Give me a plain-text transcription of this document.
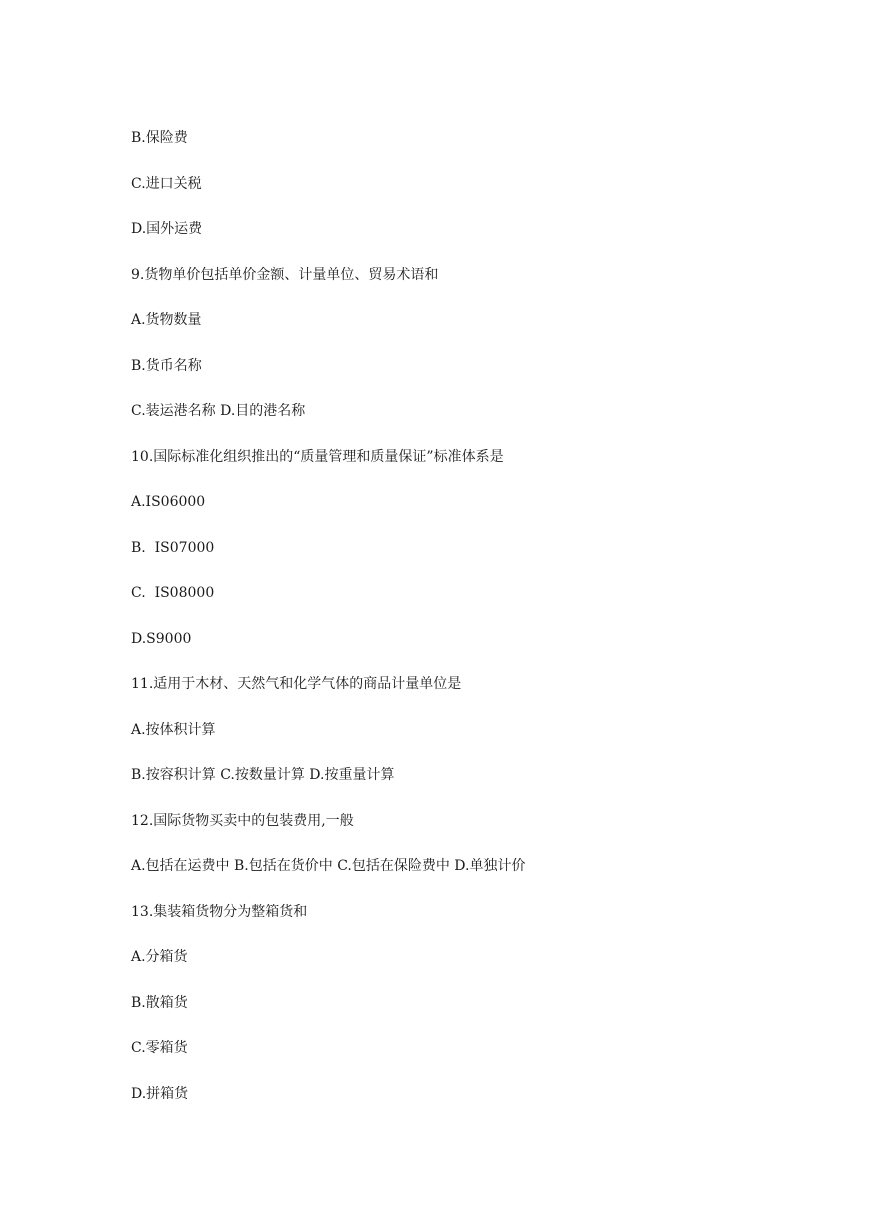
B.保险费

C.进口关税

D.国外运费

9.货物单价包括单价金额、计量单位、贸易术语和

A.货物数量

B.货币名称

C.装运港名称 D.目的港名称

10.国际标准化组织推出的“质量管理和质量保证”标准体系是

A.IS06000

B.  IS07000

C.  IS08000

D.S9000

11.适用于木材、天然气和化学气体的商品计量单位是

A.按体积计算

B.按容积计算 C.按数量计算 D.按重量计算

12.国际货物买卖中的包装费用,一般

A.包括在运费中 B.包括在货价中 C.包括在保险费中 D.单独计价

13.集装箱货物分为整箱货和

A.分箱货

B.散箱货

C.零箱货

D.拼箱货
